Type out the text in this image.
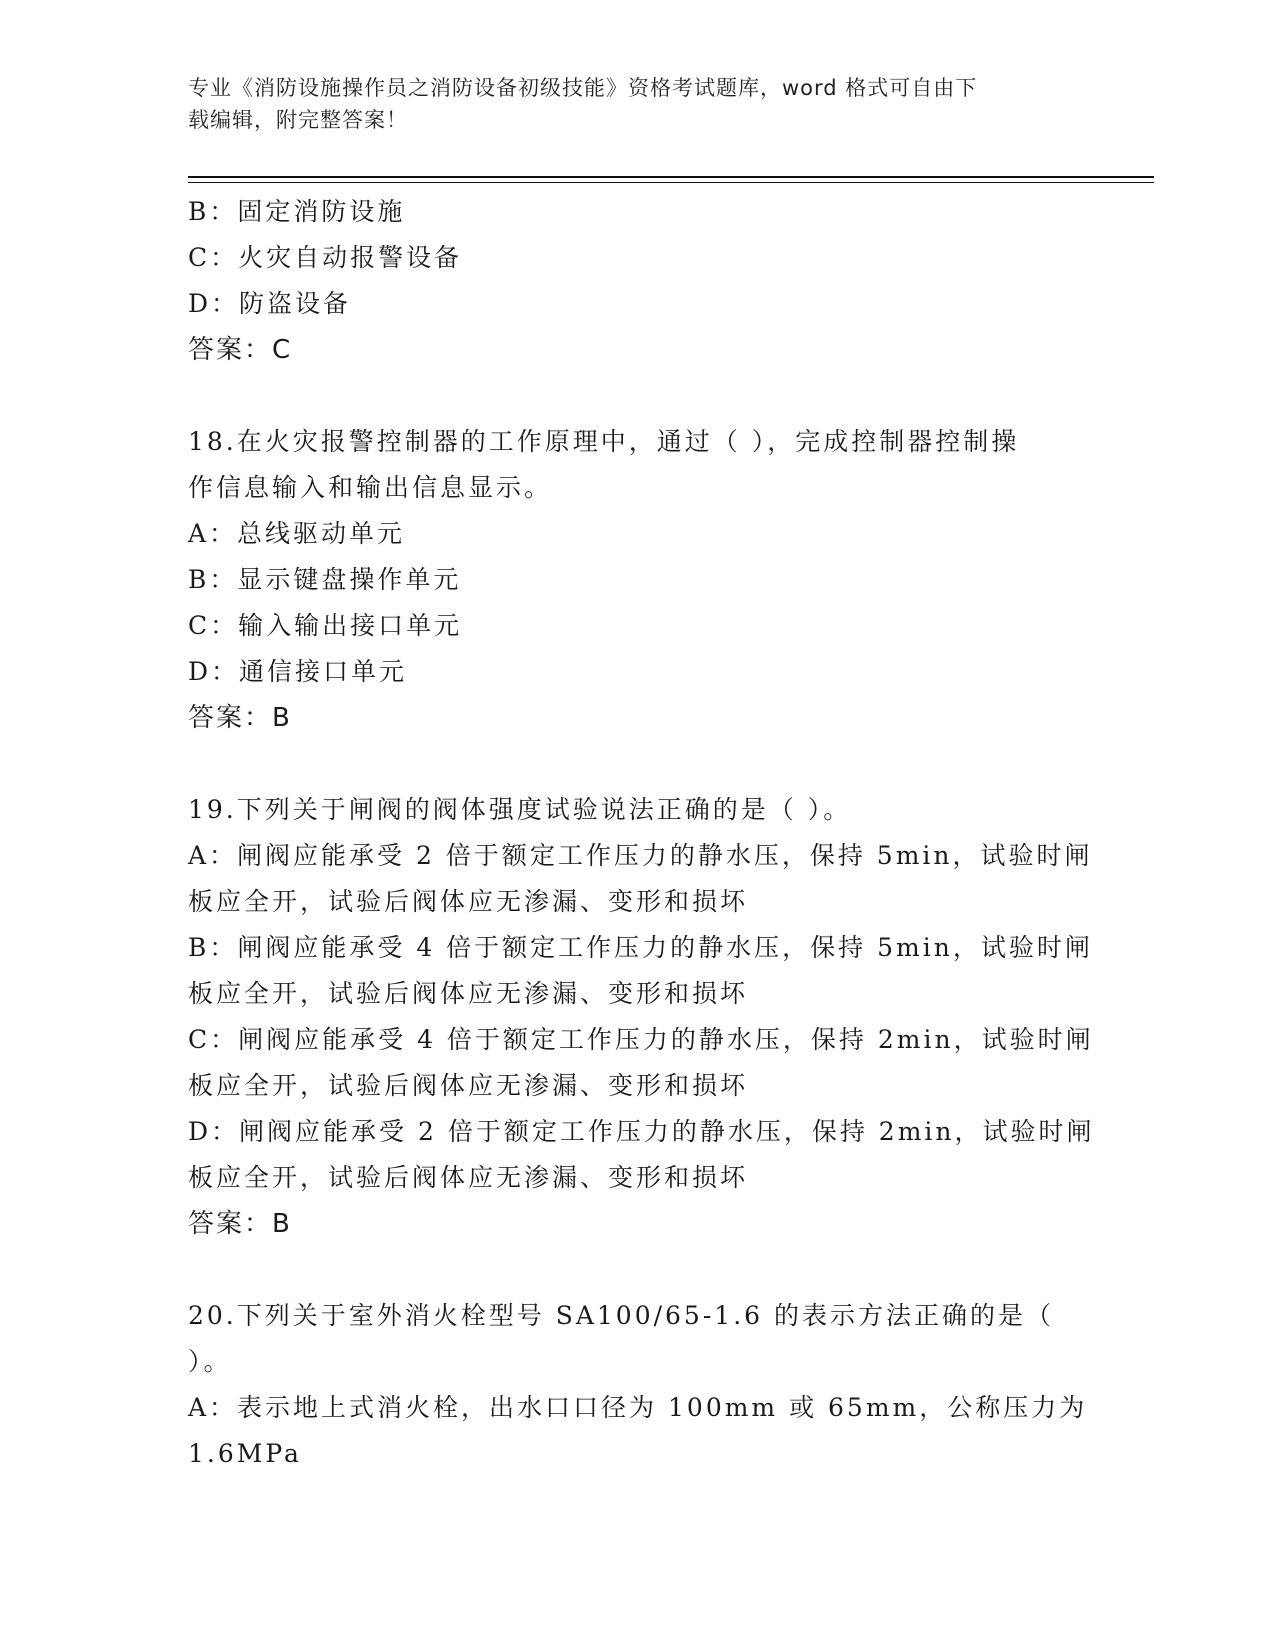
专业《消防设施操作员之消防设备初级技能》资格考试题库，word 格式可自由下
载编辑，附完整答案！
B：固定消防设施
C：火灾自动报警设备
D：防盗设备
答案：C
18.在火灾报警控制器的工作原理中，通过（ ），完成控制器控制操
作信息输入和输出信息显示。
A：总线驱动单元
B：显示键盘操作单元
C：输入输出接口单元
D：通信接口单元
答案：B
19.下列关于闸阀的阀体强度试验说法正确的是（ ）。
A：闸阀应能承受 2 倍于额定工作压力的静水压，保持 5min，试验时闸
板应全开，试验后阀体应无渗漏、变形和损坏
B：闸阀应能承受 4 倍于额定工作压力的静水压，保持 5min，试验时闸
板应全开，试验后阀体应无渗漏、变形和损坏
C：闸阀应能承受 4 倍于额定工作压力的静水压，保持 2min，试验时闸
板应全开，试验后阀体应无渗漏、变形和损坏
D：闸阀应能承受 2 倍于额定工作压力的静水压，保持 2min，试验时闸
板应全开，试验后阀体应无渗漏、变形和损坏
答案：B
20.下列关于室外消火栓型号 SA100/65-1.6 的表示方法正确的是（
）。
A：表示地上式消火栓，出水口口径为 100mm 或 65mm，公称压力为
1.6MPa
